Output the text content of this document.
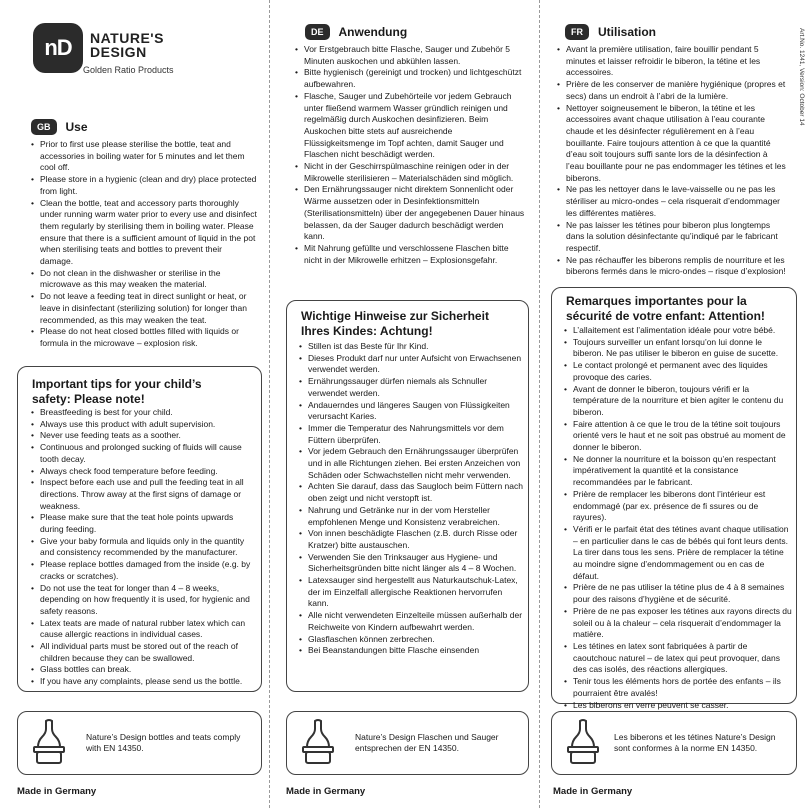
Art.No. 1241, Version: October 14
nD	NATURE'S
DESIGN
Golden Ratio Products
GB	Use
• Prior to first use please sterilise the bottle, teat and accessories in boiling water for 5 minutes and let them cool off.
• Please store in a hygienic (clean and dry) place protected from light.
• Clean the bottle, teat and accessory parts thoroughly under running warm water prior to every use and disinfect them regularly by sterilising them in boiling water. Please ensure that there is a sufficient amount of liquid in the pot when sterilising teats and bottles to prevent their damage.
• Do not clean in the dishwasher or sterilise in the microwave as this may weaken the material.
• Do not leave a feeding teat in direct sunlight or heat, or leave in disinfectant (sterilizing solution) for longer than recommended, as this may weaken the teat.
• Please do not heat closed bottles filled with liquids or formula in the microwave – explosion risk.
Important tips for your child’s safety: Please note!
• Breastfeeding is best for your child.
• Always use this product with adult supervision.
• Never use feeding teats as a soother.
• Continuous and prolonged sucking of fluids will cause tooth decay.
• Always check food temperature before feeding.
• Inspect before each use and pull the feeding teat in all directions. Throw away at the first signs of damage or weakness.
• Please make sure that the teat hole points upwards during feeding.
• Give your baby formula and liquids only in the quantity and consistency recommended by the manufacturer.
• Please replace bottles damaged from the inside (e.g. by cracks or scratches).
• Do not use the teat for longer than 4 – 8 weeks, depending on how frequently it is used, for hygienic and safety reasons.
• Latex teats are made of natural rubber latex which can cause allergic reactions in individual cases.
• All individual parts must be stored out of the reach of children because they can be swallowed.
• Glass bottles can break.
• If you have any complaints, please send us the bottle.
Nature’s Design bottles and teats comply with EN 14350.
Made in Germany
DE	Anwendung
• Vor Erstgebrauch bitte Flasche, Sauger und Zubehör 5 Minuten auskochen und abkühlen lassen.
• Bitte hygienisch (gereinigt und trocken) und lichtgeschützt aufbewahren.
• Flasche, Sauger und Zubehörteile vor jedem Gebrauch unter fließend warmem Wasser gründlich reinigen und regelmäßig durch Auskochen desinfizieren. Beim Auskochen bitte stets auf ausreichende Flüssigkeitsmenge im Topf achten, damit Sauger und Flaschen nicht beschädigt werden.
• Nicht in der Geschirrspülmaschine reinigen oder in der Mikrowelle sterilisieren – Materialschäden sind möglich.
• Den Ernährungssauger nicht direktem Sonnenlicht oder Wärme aussetzen oder in Desinfektionsmitteln (Sterilisationsmitteln) über der angegebenen Dauer hinaus belassen, da der Sauger dadurch beschädigt werden kann.
• Mit Nahrung gefüllte und verschlossene Flaschen bitte nicht in der Mikrowelle erhitzen – Explosionsgefahr.
Wichtige Hinweise zur Sicherheit Ihres Kindes: Achtung!
• Stillen ist das Beste für Ihr Kind.
• Dieses Produkt darf nur unter Aufsicht von Erwachsenen verwendet werden.
• Ernährungssauger dürfen niemals als Schnuller verwendet werden.
• Andauerndes und längeres Saugen von Flüssigkeiten verursacht Karies.
• Immer die Temperatur des Nahrungsmittels vor dem Füttern überprüfen.
• Vor jedem Gebrauch den Ernährungssauger überprüfen und in alle Richtungen ziehen. Bei ersten Anzeichen von Schäden oder Schwachstellen nicht mehr verwenden.
• Achten Sie darauf, dass das Saugloch beim Füttern nach oben zeigt und nicht verstopft ist.
• Nahrung und Getränke nur in der vom Hersteller empfohlenen Menge und Konsistenz verabreichen.
• Von innen beschädigte Flaschen (z.B. durch Risse oder Kratzer) bitte austauschen.
• Verwenden Sie den Trinksauger aus Hygiene- und Sicherheitsgründen bitte nicht länger als 4 – 8 Wochen.
• Latexsauger sind hergestellt aus Naturkautschuk-Latex, der im Einzelfall allergische Reaktionen hervorrufen kann.
• Alle nicht verwendeten Einzelteile müssen außerhalb der Reichweite von Kindern aufbewahrt werden.
• Glasflaschen können zerbrechen.
• Bei Beanstandungen bitte Flasche einsenden
Nature’s Design Flaschen und Sauger entsprechen der EN 14350.
Made in Germany
FR	Utilisation
• Avant la première utilisation, faire bouillir pendant 5 minutes et laisser refroidir le biberon, la tétine et les accessoires.
• Prière de les conserver de manière hygiénique (propres et secs) dans un endroit à l’abri de la lumière.
• Nettoyer soigneusement le biberon, la tétine et les accessoires avant chaque utilisation à l’eau courante chaude et les désinfecter régulièrement en à l’eau bouillante. Faire toujours attention à ce que la quantité d’eau soit toujours suffi sante lors de la désinfection à l’eau bouillante pour ne pas endommager les tétines et les biberons.
• Ne pas les nettoyer dans le lave-vaisselle ou ne pas les stériliser au micro-ondes – cela risquerait d’endommager les différentes matières.
• Ne pas laisser les tétines pour biberon plus longtemps dans la solution désinfectante qu’indiqué par le fabricant respectif.
• Ne pas réchauffer les biberons remplis de nourriture et les biberons fermés dans le micro-ondes – risque d’explosion!
Remarques importantes pour la sécurité de votre enfant: Attention!
• L’allaitement est l’alimentation idéale pour votre bébé.
• Toujours surveiller un enfant lorsqu’on lui donne le biberon. Ne pas utiliser le biberon en guise de sucette.
• Le contact prolongé et permanent avec des liquides provoque des caries.
• Avant de donner le biberon, toujours vérifi er la température de la nourriture et bien agiter le contenu du biberon.
• Faire attention à ce que le trou de la tétine soit toujours orienté vers le haut et ne soit pas obstrué au moment de donner le biberon.
• Ne donner la nourriture et la boisson qu’en respectant impérativement la quantité et la consistance recommandées par le fabricant.
• Prière de remplacer les biberons dont l’intérieur est endommagé (par ex. présence de fi ssures ou de rayures).
• Vérifi er le parfait état des tétines avant chaque utilisation – en particulier dans le cas de bébés qui font leurs dents. La tirer dans tous les sens. Prière de remplacer la tétine au moindre signe d’endommagement ou en cas de défaut.
• Prière de ne pas utiliser la tétine plus de 4 à 8 semaines pour des raisons d’hygiène et de sécurité.
• Prière de ne pas exposer les tétines aux rayons directs du soleil ou à la chaleur – cela risquerait d’endommager la matière.
• Les tétines en latex sont fabriquées à partir de caoutchouc naturel – de latex qui peut provoquer, dans des cas isolés, des réactions allergiques.
• Tenir tous les éléments hors de portée des enfants – ils pourraient être avalés!
• Les biberons en verre peuvent se casser.
Les biberons et les tétines Nature’s Design sont conformes à la norme EN 14350.
Made in Germany
